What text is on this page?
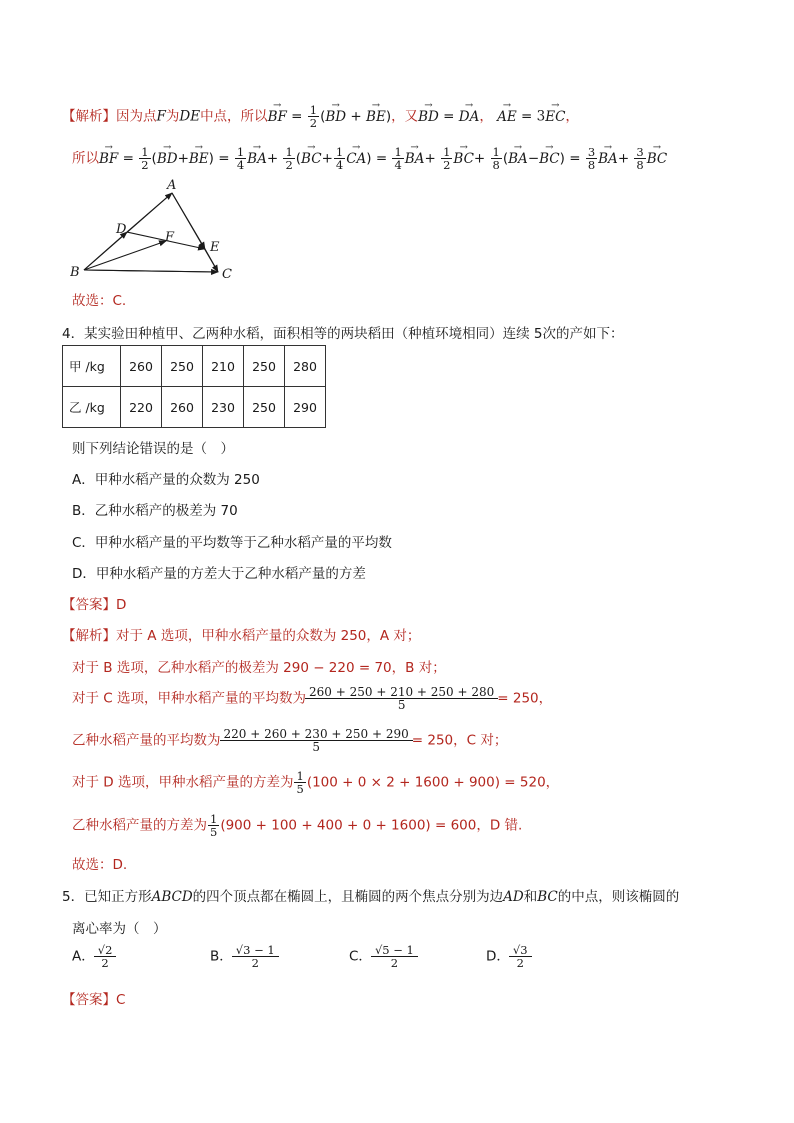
【解析】因为点F为DE中点，所以→ BF = $\frac{1}{2}$ (→ BD + → BE)，又→ BD = → DA， → AE = 3→ EC，
所以→ BF = $\frac{1}{2}$ (→ $BD+\to BE) = \frac{1}{4} \to BA+ \frac{1}{2}$ (→ $BC+ \frac{1}{4} \to CA) = \frac{1}{4} \to BA+ \frac{1}{2} \to BC+ \frac{1}{8}$ (→ $BA-\to BC) = \frac{3}{8} \to BA+ \frac{3}{8}$ → BC
A
B	C
D
E
F
故选：C.
4．某实验田种植甲、乙两种水稻，面积相等的两块稻田（种植环境相同）连续 5次的产如下：
甲 /kg	260	250	210	250	280
乙 /kg	220	260	230	250	290
则下列结论错误的是（　）
A．甲种水稻产量的众数为 250
B．乙种水稻产的极差为 70
C．甲种水稻产量的平均数等于乙种水稻产量的平均数
D．甲种水稻产量的方差大于乙种水稻产量的方差
【答案】D
【解析】对于 A 选项，甲种水稻产量的众数为 250，A 对；
对于 B 选项，乙种水稻产的极差为 290 − 220 = 70，B 对；
对于 C 选项，甲种水稻产量的平均数为 $\frac{260 + 250 + 210 + 250 + 280}{5} = 250$，
乙种水稻产量的平均数为 $\frac{220 + 260 + 230 + 250 + 290}{5} = 250$，C 对；
对于 D 选项，甲种水稻产量的方差为 $\frac{1}{5} (100 + 0 \times 2 + 1600 + 900) = 520$，
乙种水稻产量的方差为 $\frac{1}{5} (900 + 100 + 400 + 0 + 1600) = 600$，D 错.
故选：D.
5．已知正方形ABCD的四个顶点都在椭圆上，且椭圆的两个焦点分别为边AD和BC的中点，则该椭圆的
离心率为（　）
A． $\frac{√2}{2}$	B． $\frac{√3 - 1}{2}$	C． $\frac{√5 - 1}{2}$	D． $\frac{√3}{2}$
【答案】C
